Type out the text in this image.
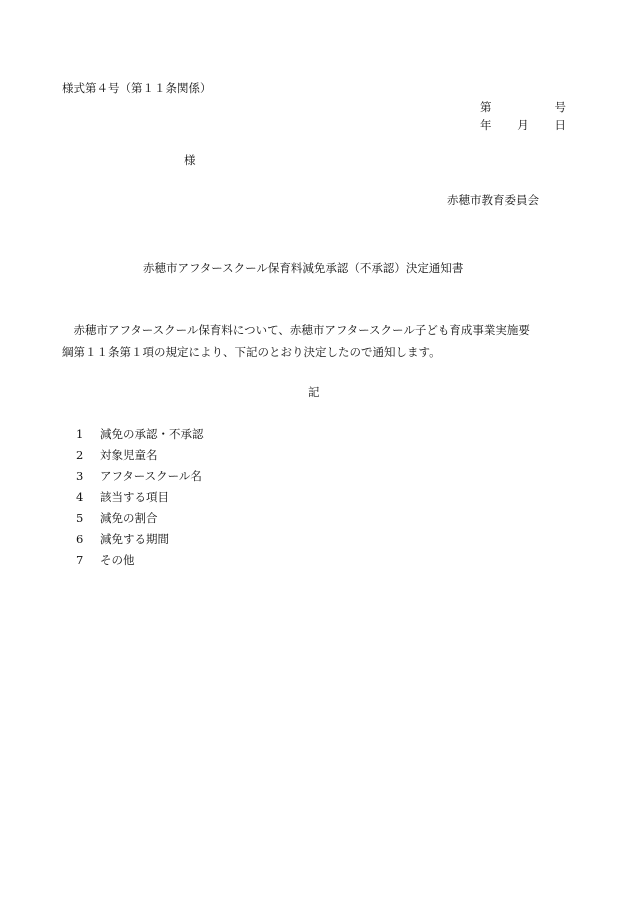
様式第４号（第１１条関係）
第	号
年 月 日
様
赤穂市教育委員会
赤穂市アフタースクール保育料減免承認（不承認）決定通知書

　赤穂市アフタースクール保育料について、赤穂市アフタースクール子ども育成事業実施要

綱第１１条第１項の規定により、下記のとおり決定したので通知します。

記
1	減免の承認・不承認
2	対象児童名
3	アフタースクール名
4	該当する項目
5	減免の割合
6	減免する期間
7	その他
